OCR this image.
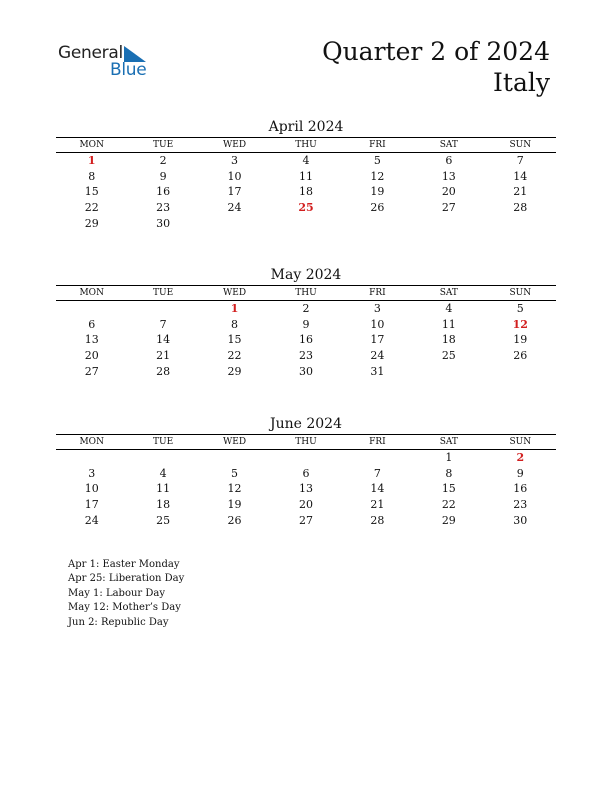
General
Blue
Quarter 2 of 2024
Italy
April 2024
MON	TUE	WED	THU	FRI	SAT	SUN
1	2	3	4	5	6	7
8	9	10	11	12	13	14
15	16	17	18	19	20	21
22	23	24	25	26	27	28
29	30					
May 2024
MON	TUE	WED	THU	FRI	SAT	SUN
		1	2	3	4	5
6	7	8	9	10	11	12
13	14	15	16	17	18	19
20	21	22	23	24	25	26
27	28	29	30	31		
June 2024
MON	TUE	WED	THU	FRI	SAT	SUN
					1	2
3	4	5	6	7	8	9
10	11	12	13	14	15	16
17	18	19	20	21	22	23
24	25	26	27	28	29	30
Apr 1: Easter Monday
Apr 25: Liberation Day
May 1: Labour Day
May 12: Mother’s Day
Jun 2: Republic Day
